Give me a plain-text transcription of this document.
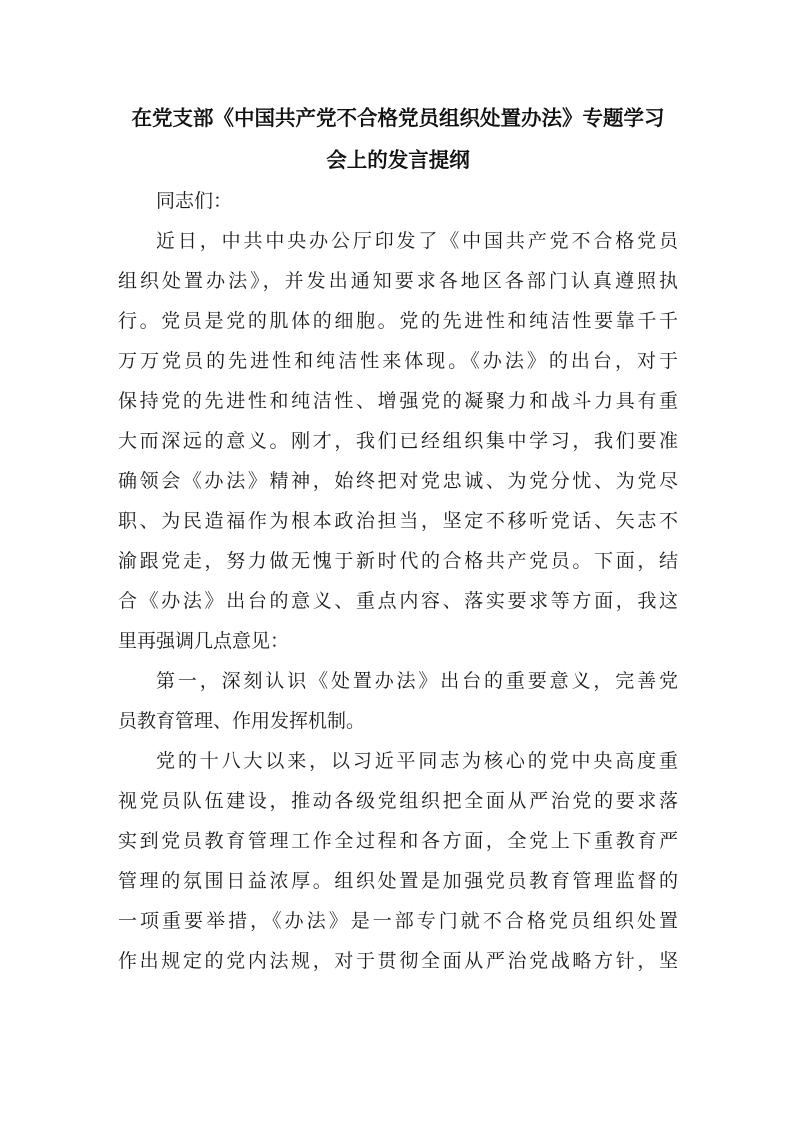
在党支部《中国共产党不合格党员组织处置办法》专题学习
会上的发言提纲

同志们：

近日，中共中央办公厅印发了《中国共产党不合格党员
组织处置办法》，并发出通知要求各地区各部门认真遵照执
行。党员是党的肌体的细胞。党的先进性和纯洁性要靠千千
万万党员的先进性和纯洁性来体现。《办法》的出台，对于
保持党的先进性和纯洁性、增强党的凝聚力和战斗力具有重
大而深远的意义。刚才，我们已经组织集中学习，我们要准
确领会《办法》精神，始终把对党忠诚、为党分忧、为党尽
职、为民造福作为根本政治担当，坚定不移听党话、矢志不
渝跟党走，努力做无愧于新时代的合格共产党员。下面，结
合《办法》出台的意义、重点内容、落实要求等方面，我这
里再强调几点意见：

第一，深刻认识《处置办法》出台的重要意义，完善党
员教育管理、作用发挥机制。

党的十八大以来，以习近平同志为核心的党中央高度重
视党员队伍建设，推动各级党组织把全面从严治党的要求落
实到党员教育管理工作全过程和各方面，全党上下重教育严
管理的氛围日益浓厚。组织处置是加强党员教育管理监督的
一项重要举措，《办法》是一部专门就不合格党员组织处置
作出规定的党内法规，对于贯彻全面从严治党战略方针，坚
